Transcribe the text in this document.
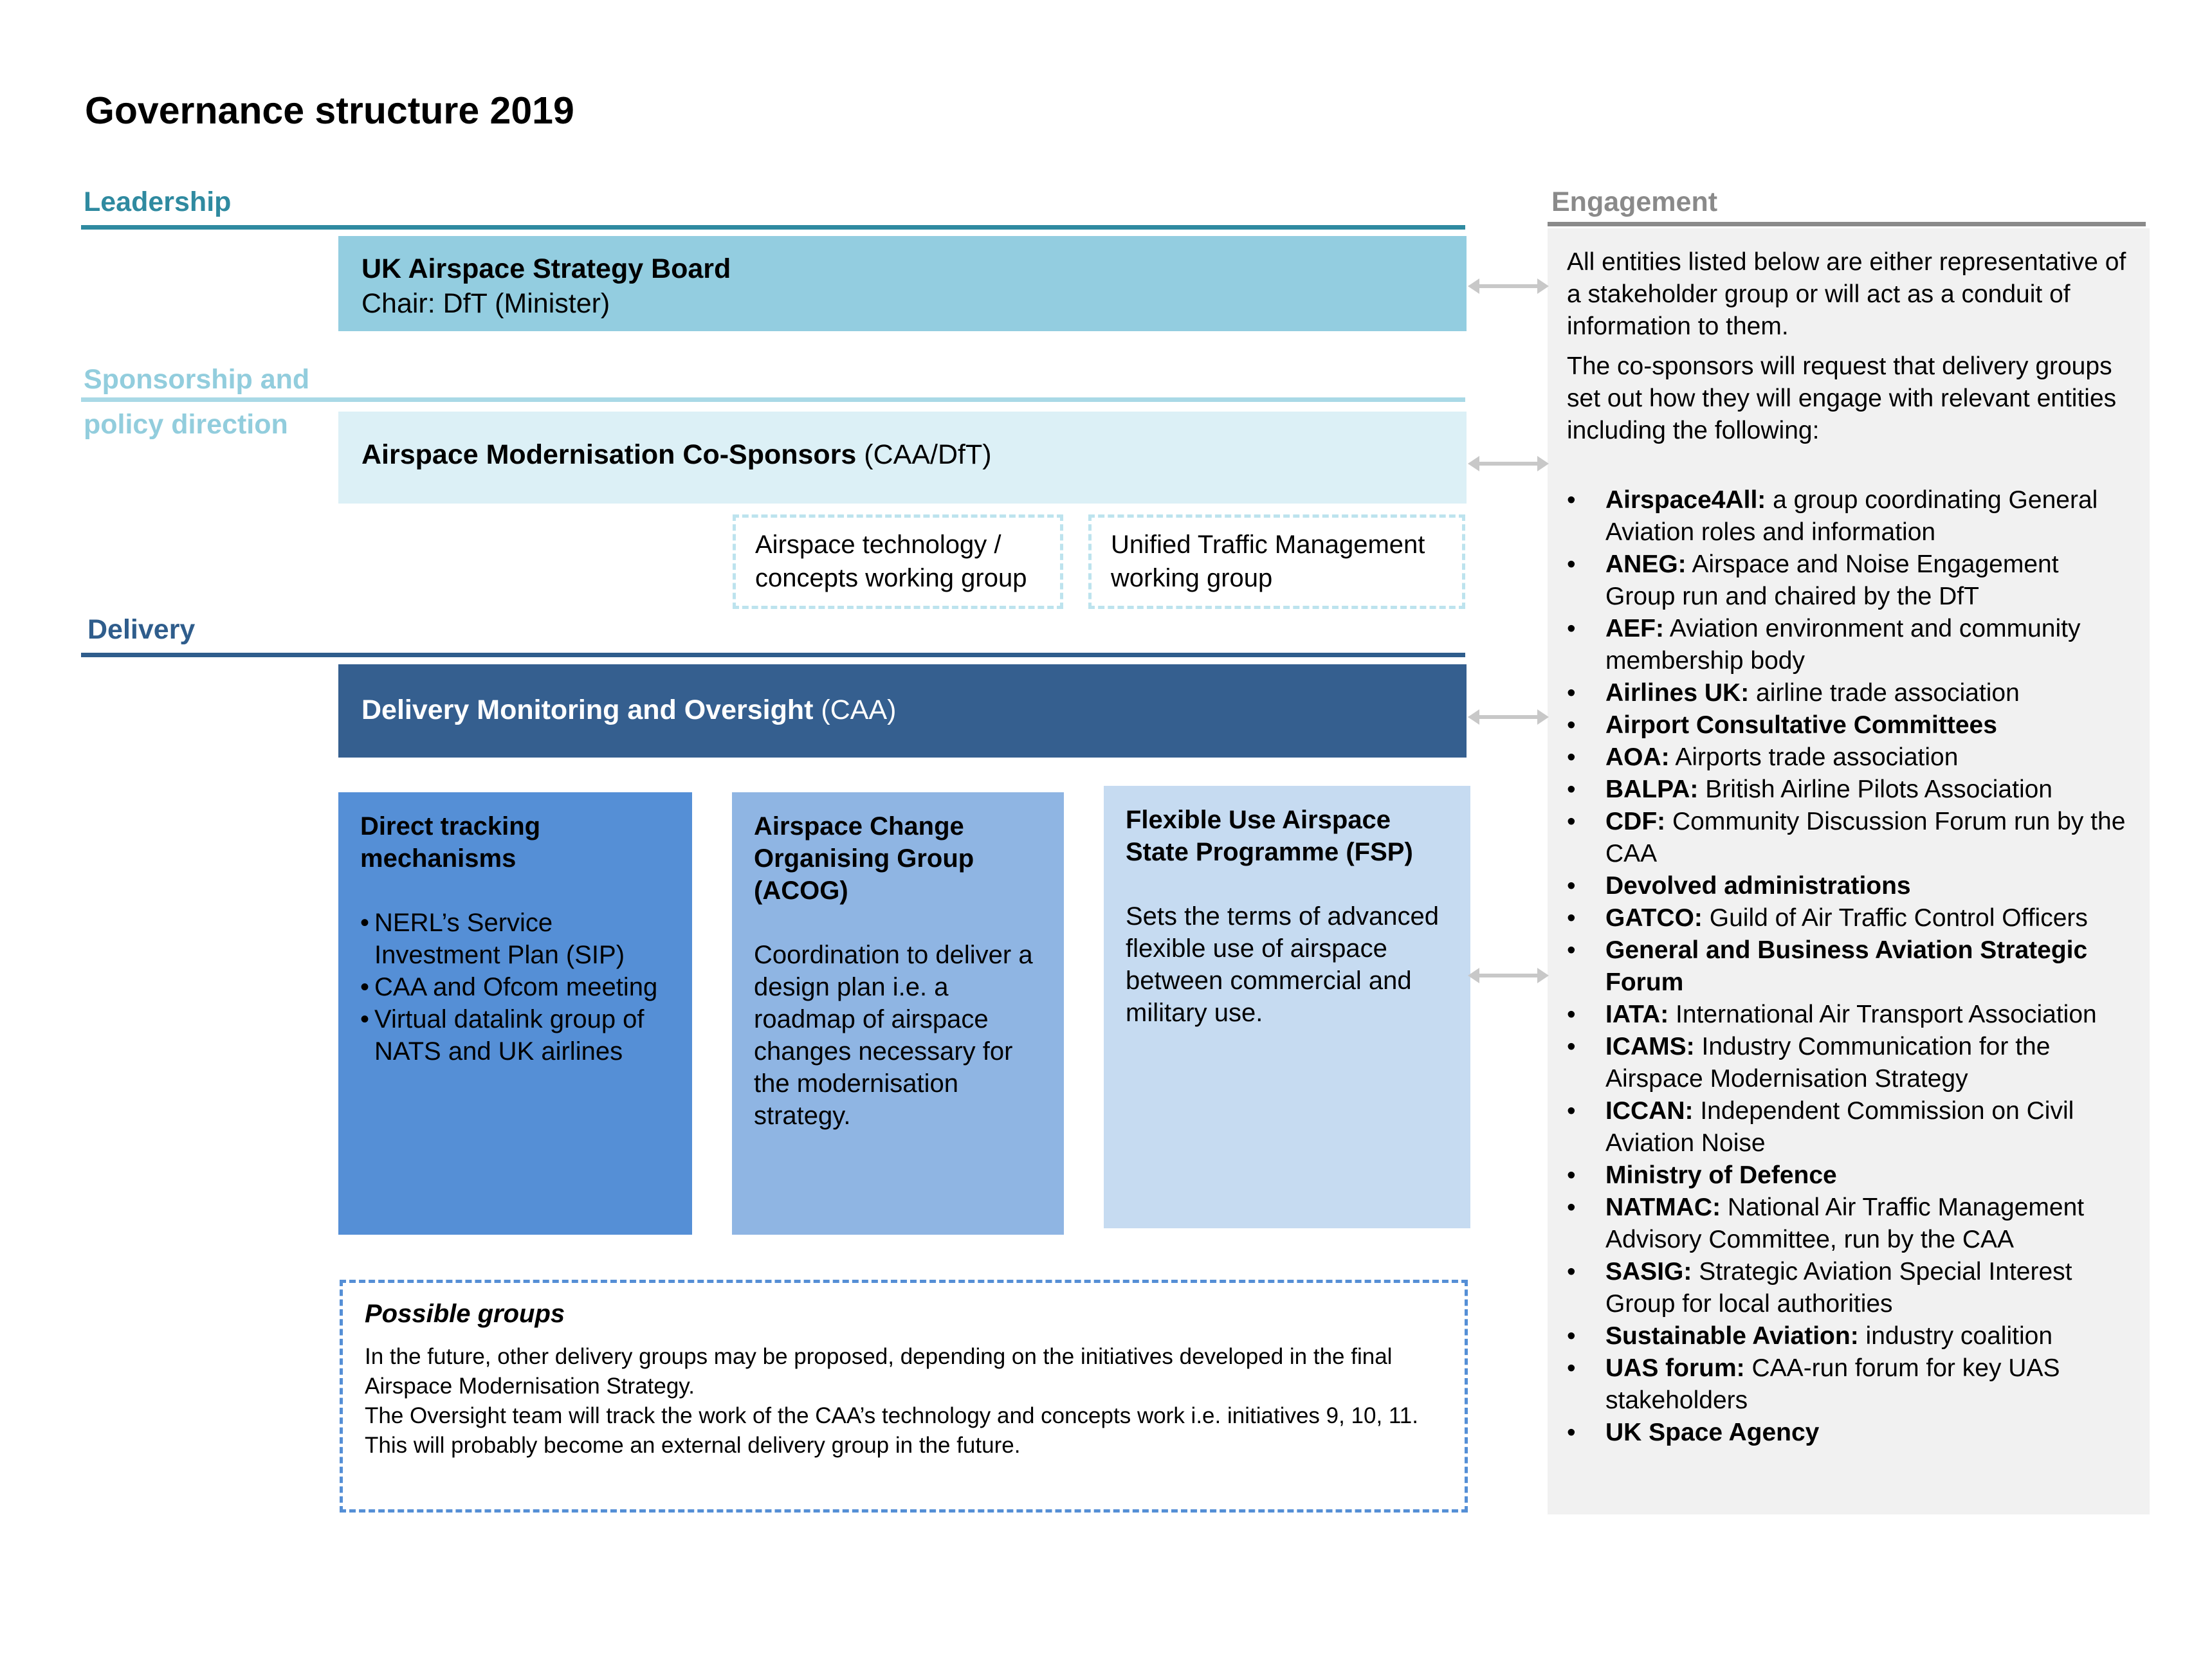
Governance structure 2019
Leadership
UK Airspace Strategy Board
Chair: DfT (Minister)
Sponsorship and policy direction
Airspace Modernisation Co-Sponsors (CAA/DfT)
Airspace technology / concepts working group
Unified Traffic Management working group
Delivery
Delivery Monitoring and Oversight (CAA)
Direct tracking mechanisms
• NERL’s Service Investment Plan (SIP)
• CAA and Ofcom meeting
• Virtual datalink group of NATS and UK airlines
Airspace Change Organising Group (ACOG)
Coordination to deliver a design plan i.e. a roadmap of airspace changes necessary for the modernisation strategy.
Flexible Use Airspace State Programme (FSP)
Sets the terms of advanced flexible use of airspace between commercial and military use.
Possible groups
In the future, other delivery groups may be proposed, depending on the initiatives developed in the final Airspace Modernisation Strategy.
The Oversight team will track the work of the CAA’s technology and concepts work i.e. initiatives 9, 10, 11. This will probably become an external delivery group in the future.
Engagement

All entities listed below are either representative of a stakeholder group or will act as a conduit of information to them.

The co-sponsors will request that delivery groups set out how they will engage with relevant entities including the following:

• Airspace4All: a group coordinating General Aviation roles and information
• ANEG: Airspace and Noise Engagement Group run and chaired by the DfT
• AEF: Aviation environment and community membership body
• Airlines UK: airline trade association
• Airport Consultative Committees
• AOA: Airports trade association
• BALPA: British Airline Pilots Association
• CDF: Community Discussion Forum run by the CAA
• Devolved administrations
• GATCO: Guild of Air Traffic Control Officers
• General and Business Aviation Strategic Forum
• IATA: International Air Transport Association
• ICAMS: Industry Communication for the Airspace Modernisation Strategy
• ICCAN: Independent Commission on Civil Aviation Noise
• Ministry of Defence
• NATMAC: National Air Traffic Management Advisory Committee, run by the CAA
• SASIG: Strategic Aviation Special Interest Group for local authorities
• Sustainable Aviation: industry coalition
• UAS forum: CAA-run forum for key UAS stakeholders
• UK Space Agency
